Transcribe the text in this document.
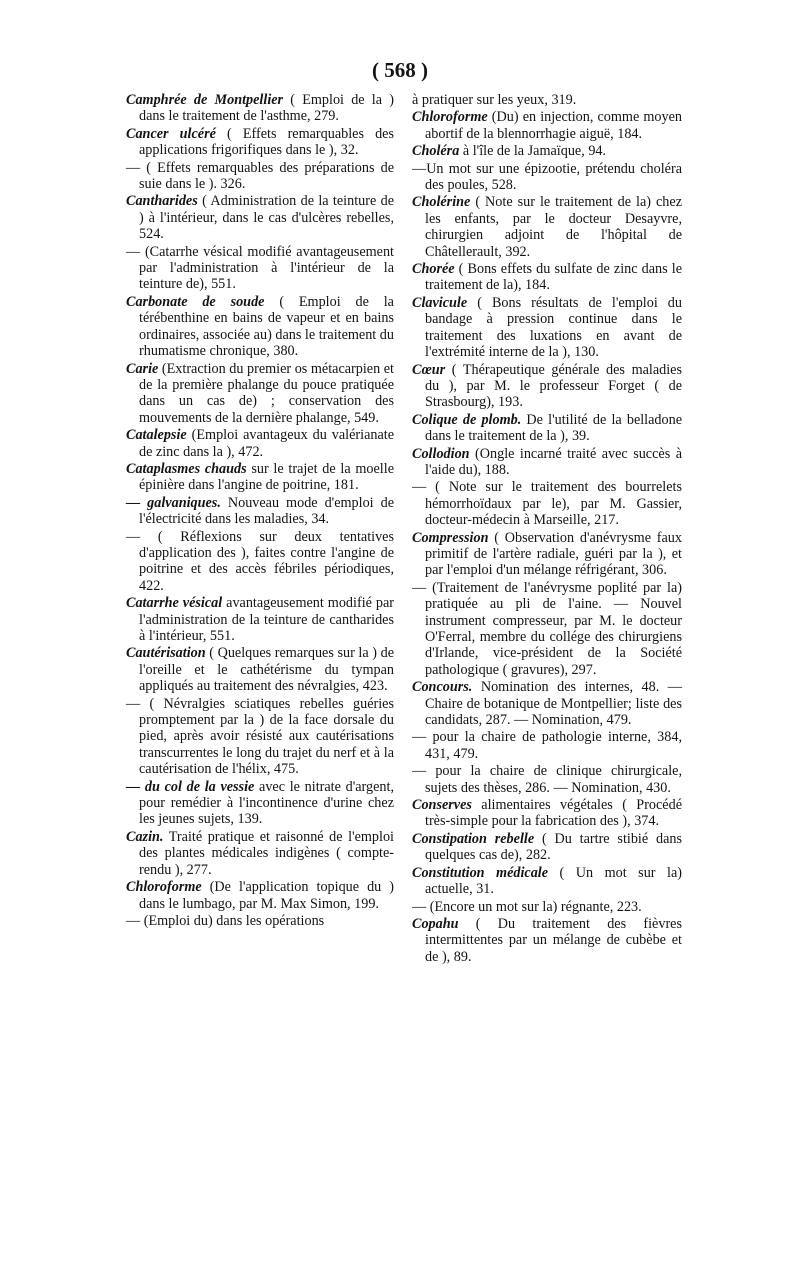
( 568 )

Camphrée de Montpellier ( Emploi de la ) dans le traitement de l'asthme, 279.

Cancer ulcéré ( Effets remarquables des applications frigorifiques dans le ), 32.

— ( Effets remarquables des préparations de suie dans le ). 326.

Cantharides ( Administration de la teinture de ) à l'intérieur, dans le cas d'ulcères rebelles, 524.

— (Catarrhe vésical modifié avantageusement par l'administration à l'intérieur de la teinture de), 551.

Carbonate de soude ( Emploi de la térébenthine en bains de vapeur et en bains ordinaires, associée au) dans le traitement du rhumatisme chronique, 380.

Carie (Extraction du premier os métacarpien et de la première phalange du pouce pratiquée dans un cas de) ; conservation des mouvements de la dernière phalange, 549.

Catalepsie (Emploi avantageux du valérianate de zinc dans la ), 472.

Cataplasmes chauds sur le trajet de la moelle épinière dans l'angine de poitrine, 181.

— galvaniques. Nouveau mode d'emploi de l'électricité dans les maladies, 34.

— ( Réflexions sur deux tentatives d'application des ), faites contre l'angine de poitrine et des accès fébriles périodiques, 422.

Catarrhe vésical avantageusement modifié par l'administration de la teinture de cantharides à l'intérieur, 551.

Cautérisation ( Quelques remarques sur la ) de l'oreille et le cathétérisme du tympan appliqués au traitement des névralgies, 423.

— ( Névralgies sciatiques rebelles guéries promptement par la ) de la face dorsale du pied, après avoir résisté aux cautérisations transcurrentes le long du trajet du nerf et à la cautérisation de l'hélix, 475.

— du col de la vessie avec le nitrate d'argent, pour remédier à l'incontinence d'urine chez les jeunes sujets, 139.

Cazin. Traité pratique et raisonné de l'emploi des plantes médicales indigènes ( compte-rendu ), 277.

Chloroforme (De l'application topique du ) dans le lumbago, par M. Max Simon, 199.

— (Emploi du) dans les opérations

à pratiquer sur les yeux, 319.

Chloroforme (Du) en injection, comme moyen abortif de la blennorrhagie aiguë, 184.

Choléra à l'île de la Jamaïque, 94.

—Un mot sur une épizootie, prétendu choléra des poules, 528.

Cholérine ( Note sur le traitement de la) chez les enfants, par le docteur Desayvre, chirurgien adjoint de l'hôpital de Châtellerault, 392.

Chorée ( Bons effets du sulfate de zinc dans le traitement de la), 184.

Clavicule ( Bons résultats de l'emploi du bandage à pression continue dans le traitement des luxations en avant de l'extrémité interne de la ), 130.

Cœur ( Thérapeutique générale des maladies du ), par M. le professeur Forget ( de Strasbourg), 193.

Colique de plomb. De l'utilité de la belladone dans le traitement de la ), 39.

Collodion (Ongle incarné traité avec succès à l'aide du), 188.

— ( Note sur le traitement des bourrelets hémorrhoïdaux par le), par M. Gassier, docteur-médecin à Marseille, 217.

Compression ( Observation d'anévrysme faux primitif de l'artère radiale, guéri par la ), et par l'emploi d'un mélange réfrigérant, 306.

— (Traitement de l'anévrysme poplité par la) pratiquée au pli de l'aine. — Nouvel instrument compresseur, par M. le docteur O'Ferral, membre du collége des chirurgiens d'Irlande, vice-président de la Société pathologique ( gravures), 297.

Concours. Nomination des internes, 48. — Chaire de botanique de Montpellier; liste des candidats, 287. — Nomination, 479.

— pour la chaire de pathologie interne, 384, 431, 479.

— pour la chaire de clinique chirurgicale, sujets des thèses, 286. — Nomination, 430.

Conserves alimentaires végétales ( Procédé très-simple pour la fabrication des ), 374.

Constipation rebelle ( Du tartre stibié dans quelques cas de), 282.

Constitution médicale ( Un mot sur la) actuelle, 31.

— (Encore un mot sur la) régnante, 223.

Copahu ( Du traitement des fièvres intermittentes par un mélange de cubèbe et de ), 89.
